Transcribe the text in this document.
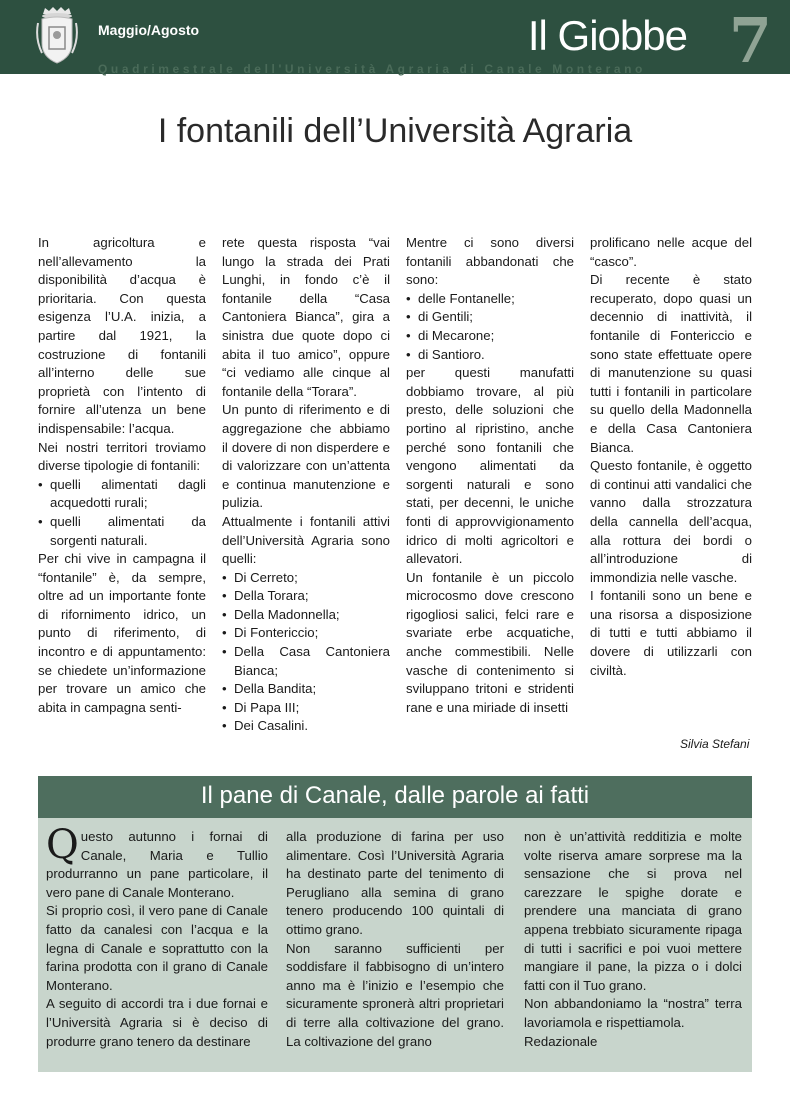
Maggio/Agosto	Il Giobbe 7
Quadrimestrale dell'Università Agraria di Canale Monterano
I fontanili dell’Università Agraria

In agricoltura e nell’allevamento la disponibilità d’acqua è prioritaria. Con questa esigenza l’U.A. inizia, a partire dal 1921, la costruzione di fontanili all’interno delle sue proprietà con l’intento di fornire all’utenza un bene indispensabile: l’acqua.

Nei nostri territori troviamo diverse tipologie di fontanili:

• quelli alimentati dagli acquedotti rurali;
• quelli alimentati da sorgenti naturali.

Per chi vive in campagna il “fontanile” è, da sempre, oltre ad un importante fonte di rifornimento idrico, un punto di riferimento, di incontro e di appuntamento: se chiedete un’informazione per trovare un amico che abita in campagna senti-

rete questa risposta “vai lungo la strada dei Prati Lunghi, in fondo c’è il fontanile della “Casa Cantoniera Bianca”, gira a sinistra due quote dopo ci abita il tuo amico”, oppure “ci vediamo alle cinque al fontanile della “Torara”.

Un punto di riferimento e di aggregazione che abbiamo il dovere di non disperdere e di valorizzare con un’attenta e continua manutenzione e pulizia.

Attualmente i fontanili attivi dell’Università Agraria sono quelli:

• Di Cerreto;
• Della Torara;
• Della Madonnella;
• Di Fontericcio;
• Della Casa Cantoniera Bianca;
• Della Bandita;
• Di Papa III;
• Dei Casalini.

Mentre ci sono diversi fontanili abbandonati che sono:

• delle Fontanelle;
• di Gentili;
• di Mecarone;
• di Santioro.

per questi manufatti dobbiamo trovare, al più presto, delle soluzioni che portino al ripristino, anche perché sono fontanili che vengono alimentati da sorgenti naturali e sono stati, per decenni, le uniche fonti di approvvigionamento idrico di molti agricoltori e allevatori.

Un fontanile è un piccolo microcosmo dove crescono rigogliosi salici, felci rare e svariate erbe acquatiche, anche commestibili. Nelle vasche di contenimento si sviluppano tritoni e stridenti rane e una miriade di insetti

prolificano nelle acque del “casco”.

Di recente è stato recuperato, dopo quasi un decennio di inattività, il fontanile di Fontericcio e sono state effettuate opere di manutenzione su quasi tutti i fontanili in particolare su quello della Madonnella e della Casa Cantoniera Bianca.

Questo fontanile, è oggetto di continui atti vandalici che vanno dalla strozzatura della cannella dell’acqua, alla rottura dei bordi o all’introduzione di immondizia nelle vasche.

I fontanili sono un bene e una risorsa a disposizione di tutti e tutti abbiamo il dovere di utilizzarli con civiltà.

Silvia Stefani
Il pane di Canale, dalle parole ai fatti

Questo autunno i fornai di Canale, Maria e Tullio produrranno un pane particolare, il vero pane di Canale Monterano.

Si proprio così, il vero pane di Canale fatto da canalesi con l’acqua e la legna di Canale e soprattutto con la farina prodotta con il grano di Canale Monterano.

A seguito di accordi tra i due fornai e l’Università Agraria si è deciso di produrre grano tenero da destinare

alla produzione di farina per uso alimentare. Così l’Università Agraria ha destinato parte del tenimento di Perugliano alla semina di grano tenero producendo 100 quintali di ottimo grano.

Non saranno sufficienti per soddisfare il fabbisogno di un’intero anno ma è l’inizio e l’esempio che sicuramente spronerà altri proprietari di terre alla coltivazione del grano. La coltivazione del grano

non è un’attività redditizia e molte volte riserva amare sorprese ma la sensazione che si prova nel carezzare le spighe dorate e prendere una manciata di grano appena trebbiato sicuramente ripaga di tutti i sacrifici e poi vuoi mettere mangiare il pane, la pizza o i dolci fatti con il Tuo grano.

Non abbandoniamo la “nostra” terra lavoriamola e rispettiamola.

Redazionale
